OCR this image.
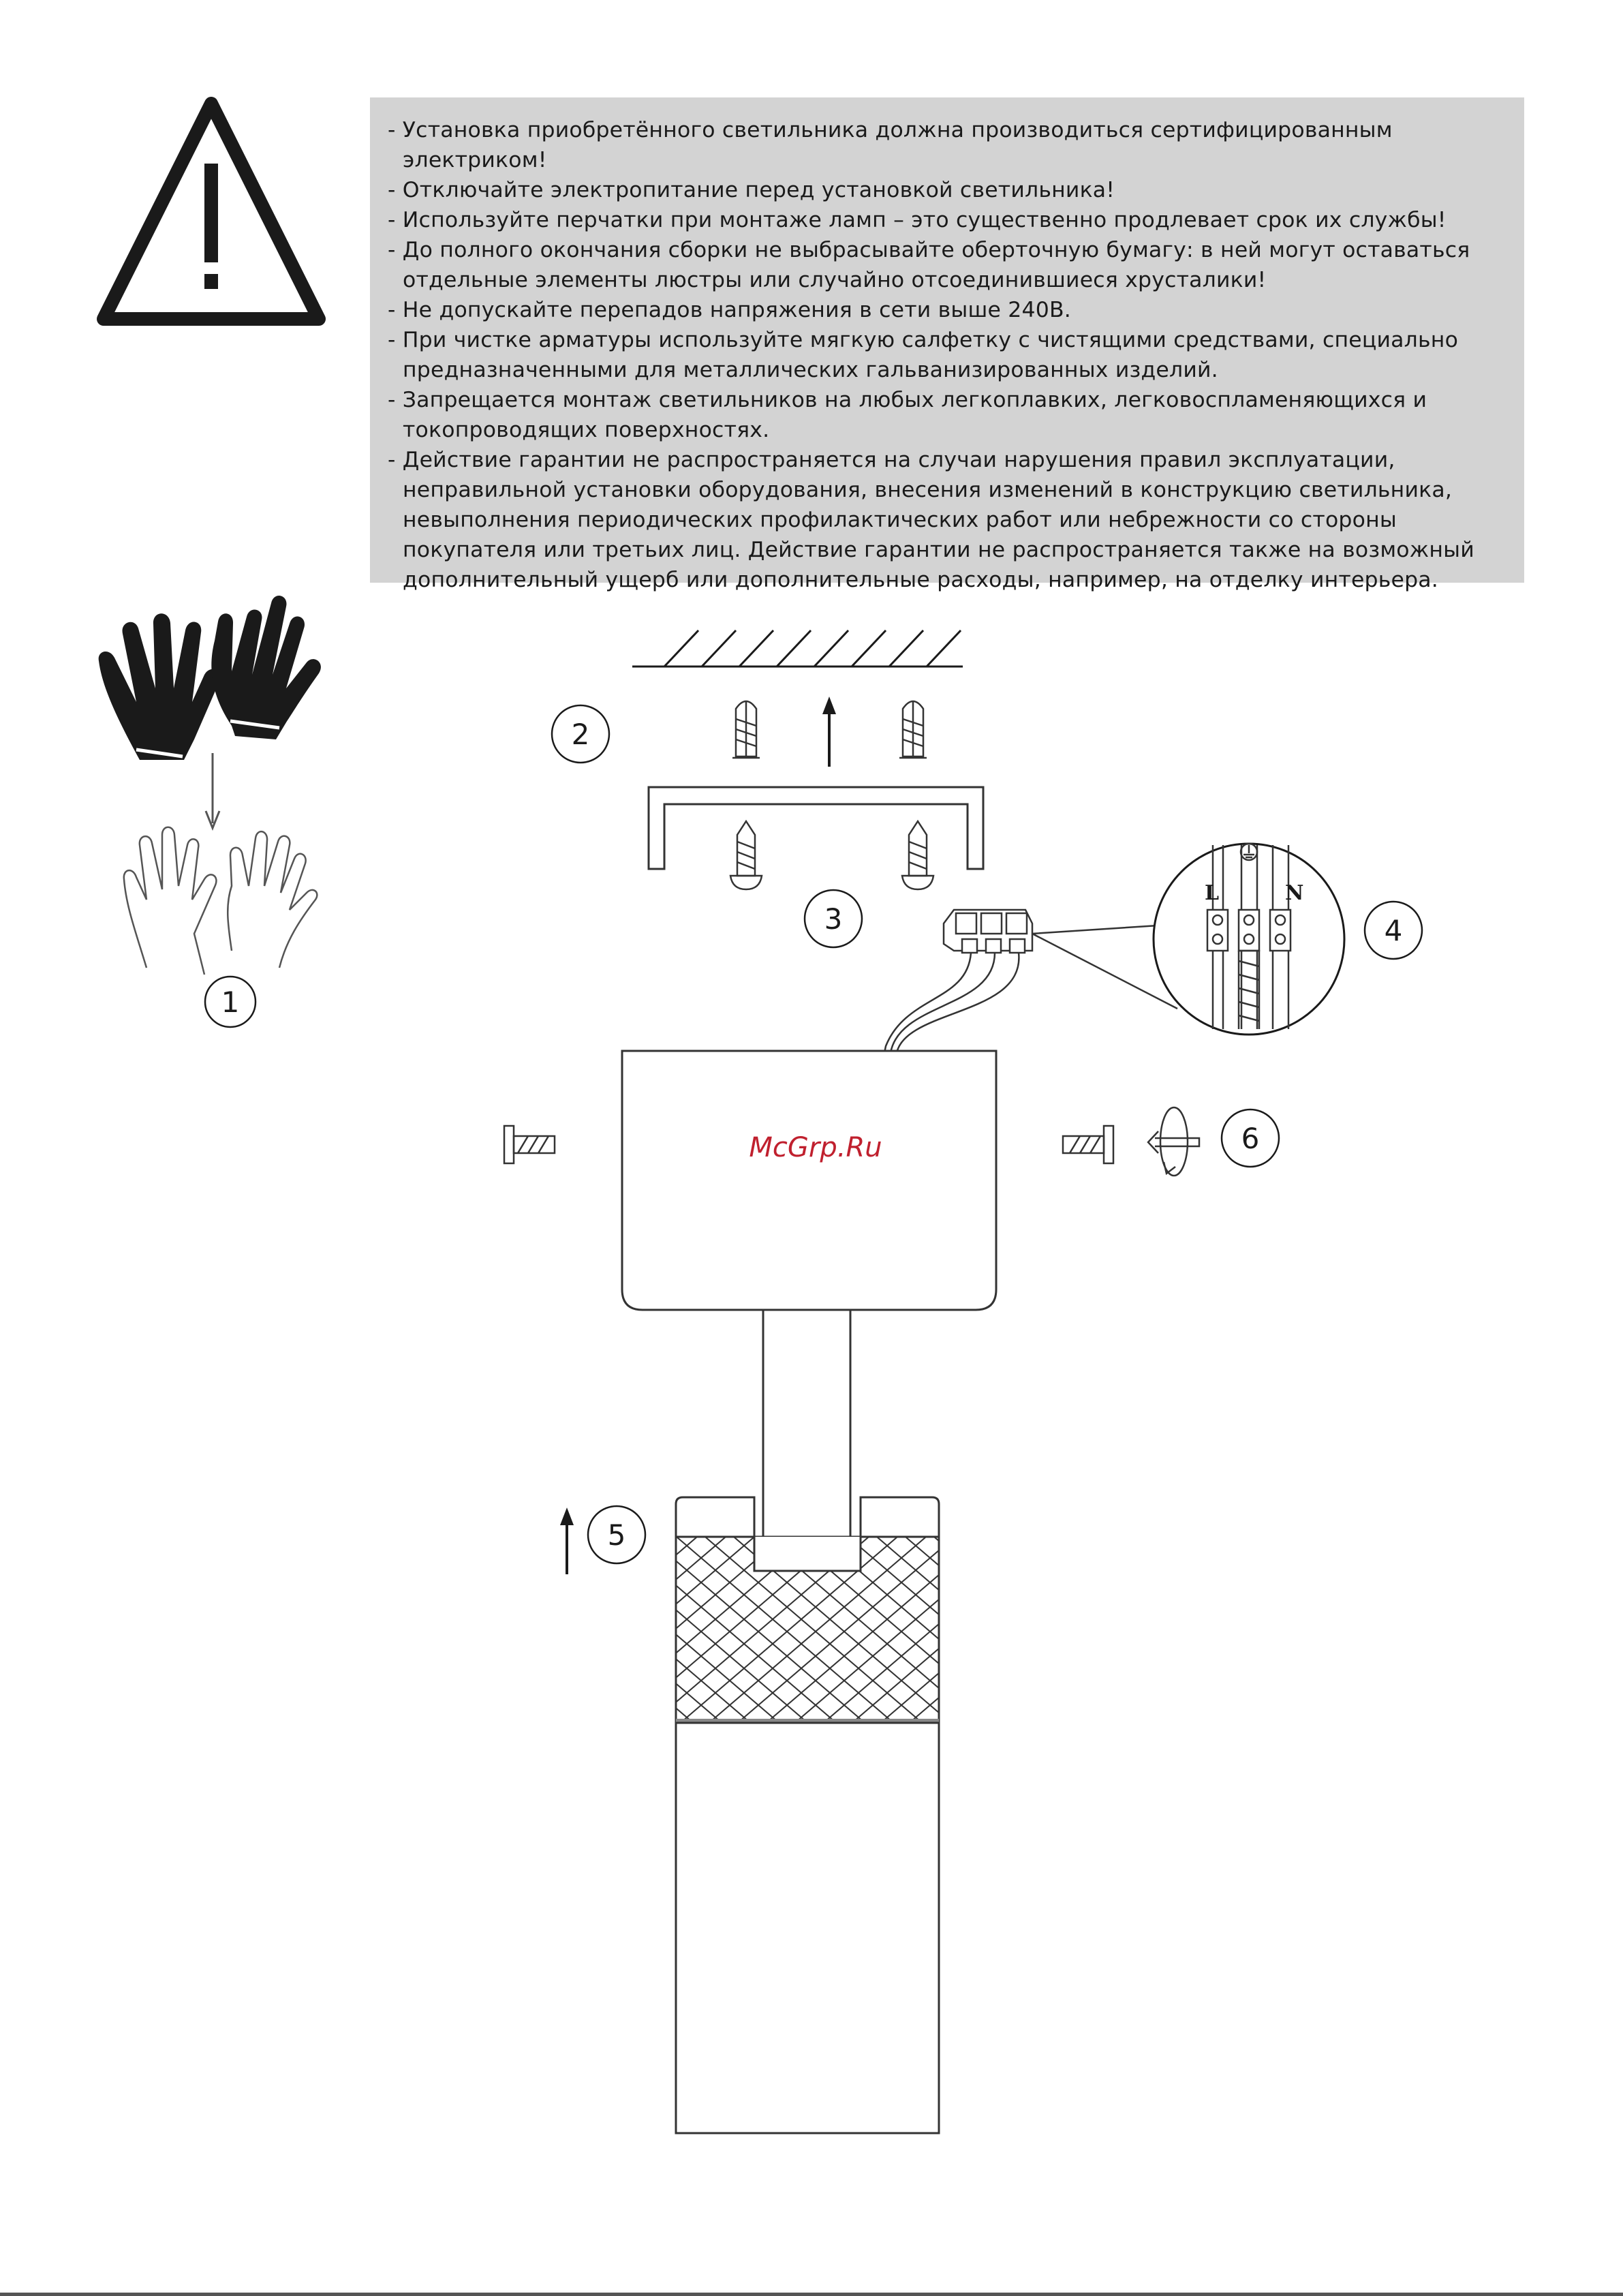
- Установка приобретённого светильника должна производиться сертифицированным электриком!
- Отключайте электропитание перед установкой светильника!
- Используйте перчатки при монтаже ламп – это существенно продлевает срок их службы!
- До полного окончания сборки не выбрасывайте оберточную бумагу: в ней могут оставаться отдельные элементы люстры или случайно отсоединившиеся хрусталики!
- Не допускайте перепадов напряжения в сети выше 240В.
- При чистке арматуры используйте мягкую салфетку с чистящими средствами, специально предназначенными для металлических гальванизированных изделий.
- Запрещается монтаж светильников на любых легкоплавких, легковоспламеняющихся и токопроводящих поверхностях.
- Действие гарантии не распространяется на случаи нарушения правил эксплуатации, неправильной установки оборудования, внесения изменений в конструкцию светильника, невыполнения периодических профилактических работ или небрежности со стороны покупателя или третьих лиц. Действие гарантии не распространяется также на возможный дополнительный ущерб или дополнительные расходы, например, на отделку интерьера.
1
2
3
L	N
4
McGrp.Ru	6
5
